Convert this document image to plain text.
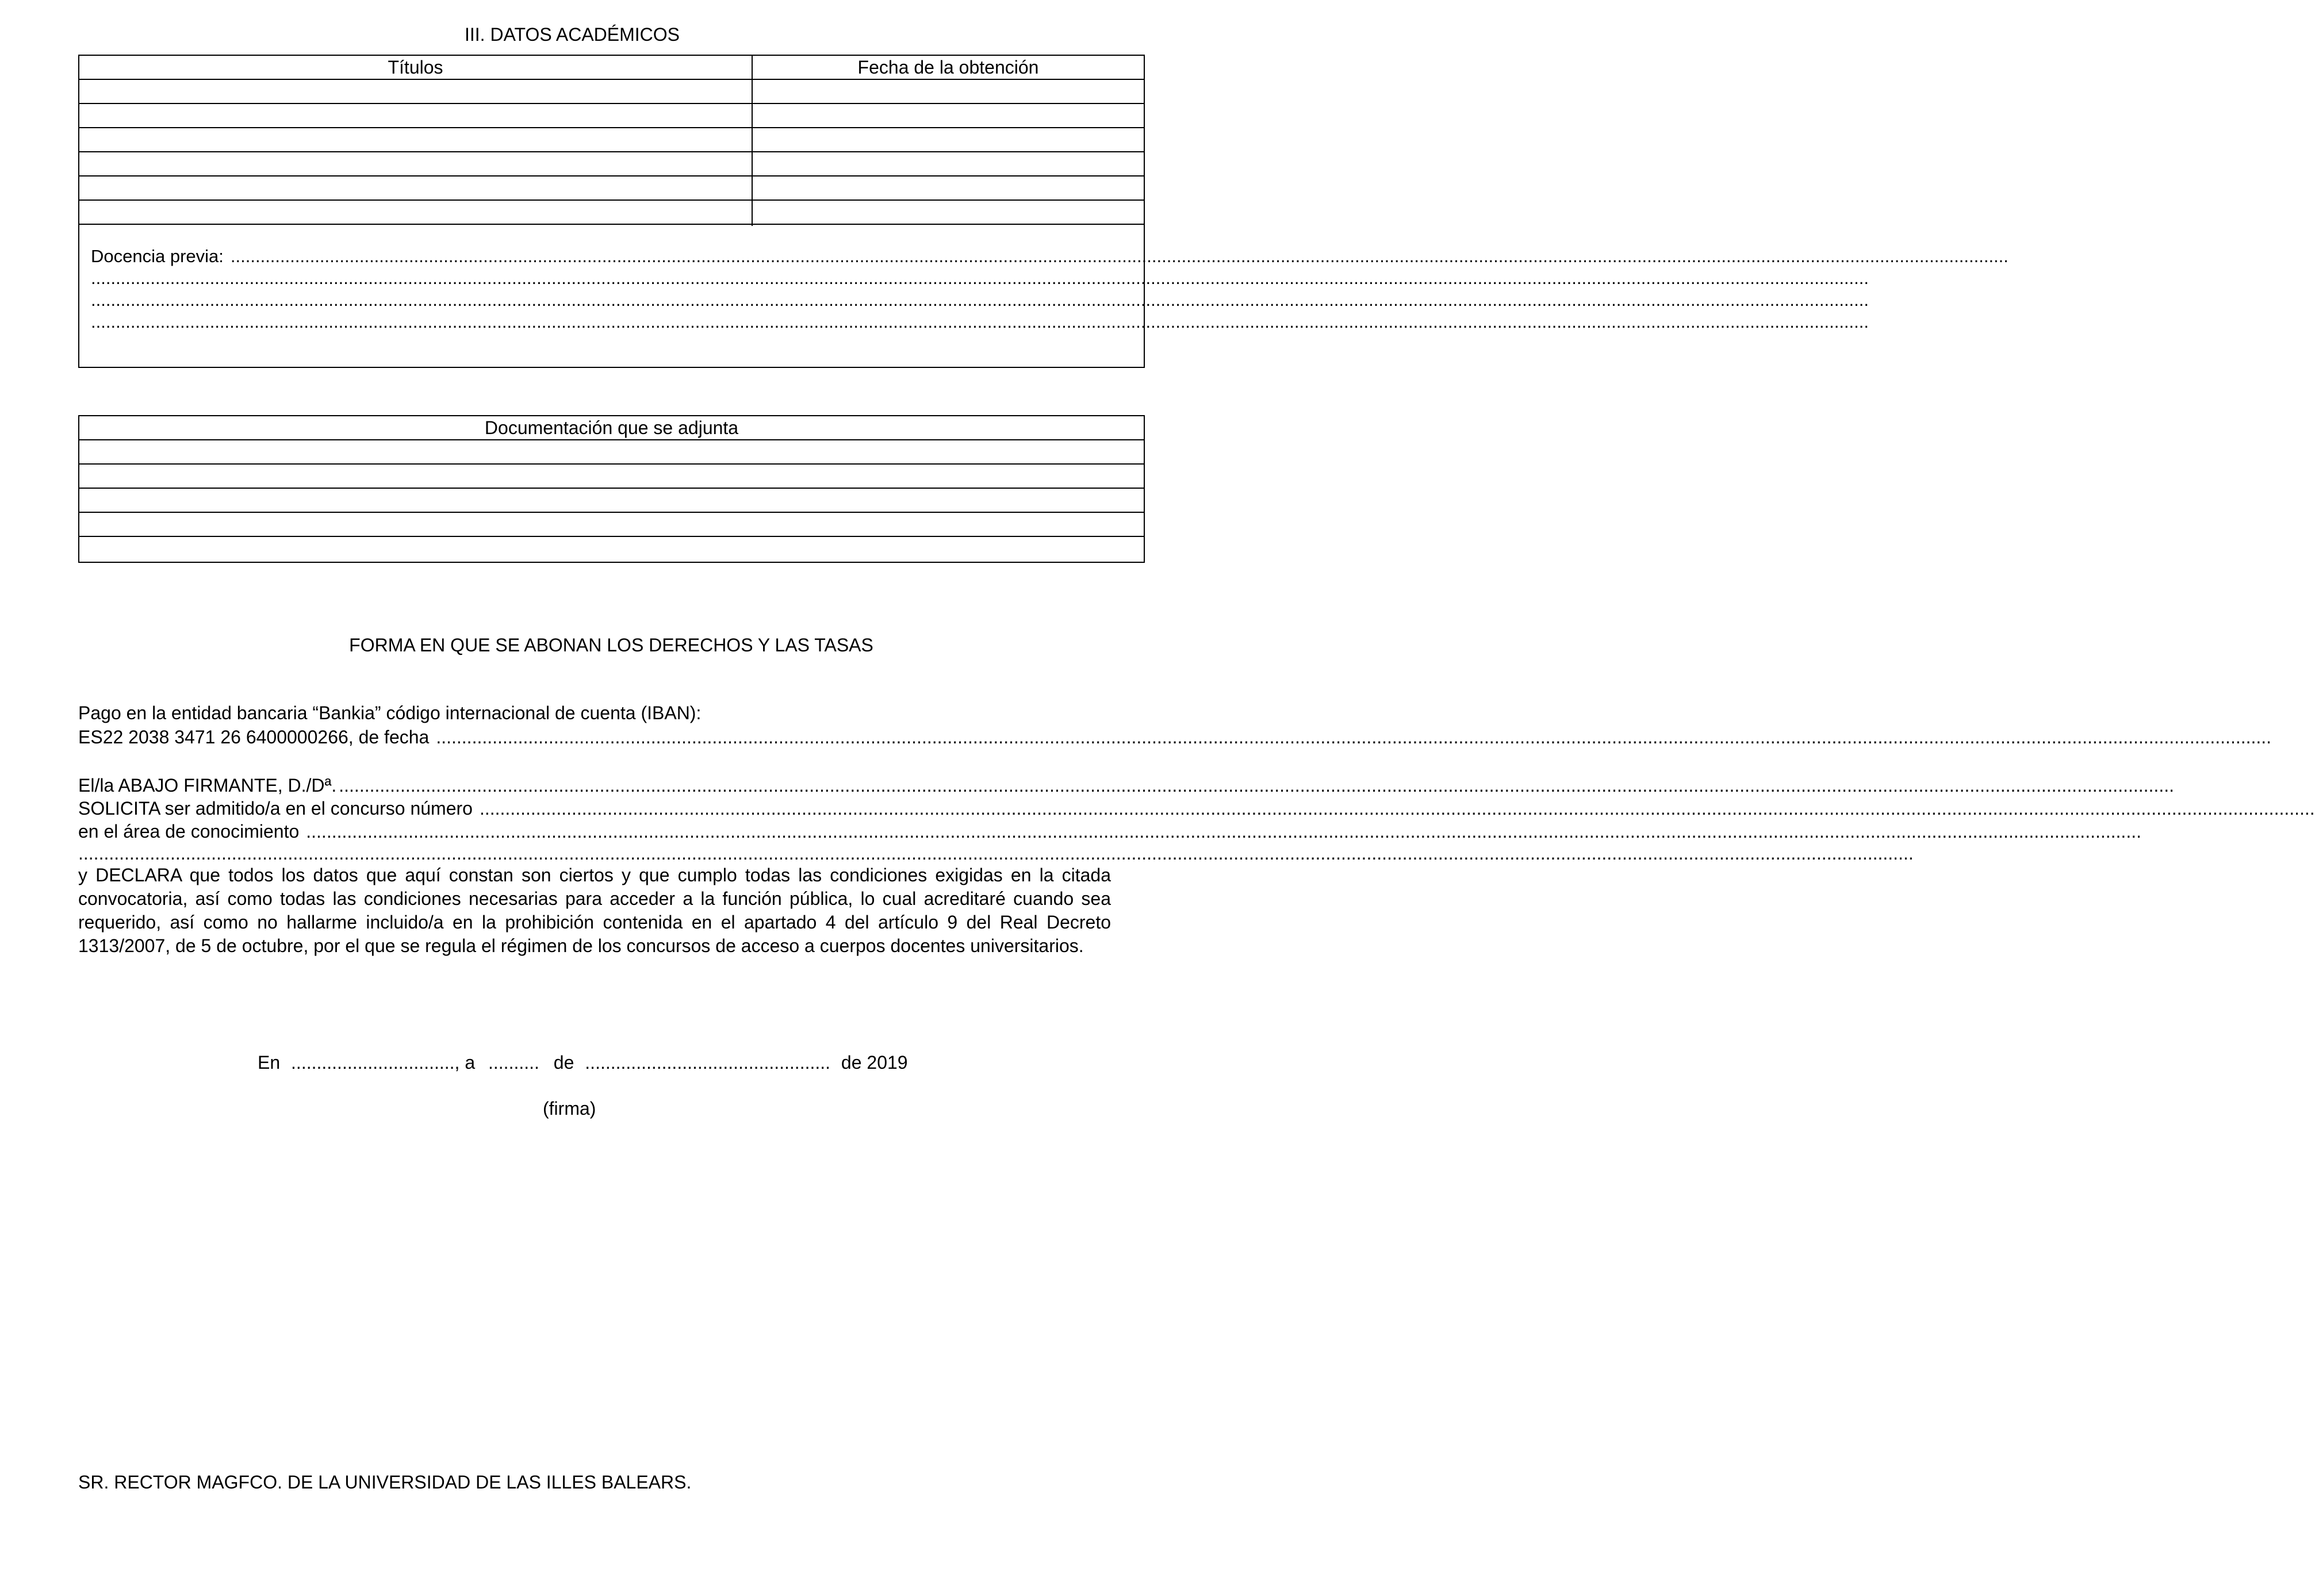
III. DATOS ACADÉMICOS
Títulos	Fecha de la obtención
Docencia previa: .......................................................................................................................................................................................................................................................................................................................................................................
.......................................................................................................................................................................................................................................................................................................................................................................
.......................................................................................................................................................................................................................................................................................................................................................................
.......................................................................................................................................................................................................................................................................................................................................................................
Documentación que se adjunta
FORMA EN QUE SE ABONAN LOS DERECHOS Y LAS TASAS
Pago en la entidad bancaria “Bankia” código internacional de cuenta (IBAN):
ES22 2038 3471 26 6400000266, de fecha .......................................................................................................................................................................................................................................................................................................................................................................
El/la ABAJO FIRMANTE, D./Dª. .......................................................................................................................................................................................................................................................................................................................................................................
SOLICITA ser admitido/a en el concurso número .......................................................................................................................................................................................................................................................................................................................................................................
en el área de conocimiento .......................................................................................................................................................................................................................................................................................................................................................................
.......................................................................................................................................................................................................................................................................................................................................................................
y DECLARA que todos los datos que aquí constan son ciertos y que cumplo todas las condiciones exigidas en la citada convocatoria, así como todas las condiciones necesarias para acceder a la función pública, lo cual acreditaré cuando sea requerido, así como no hallarme incluido/a en la prohibición contenida en el apartado 4 del artículo 9 del Real Decreto 1313/2007, de 5 de octubre, por el que se regula el régimen de los concursos de acceso a cuerpos docentes universitarios.
En ................................, a .......... de ................................................ de 2019
(firma)
SR. RECTOR MAGFCO. DE LA UNIVERSIDAD DE LAS ILLES BALEARS.
